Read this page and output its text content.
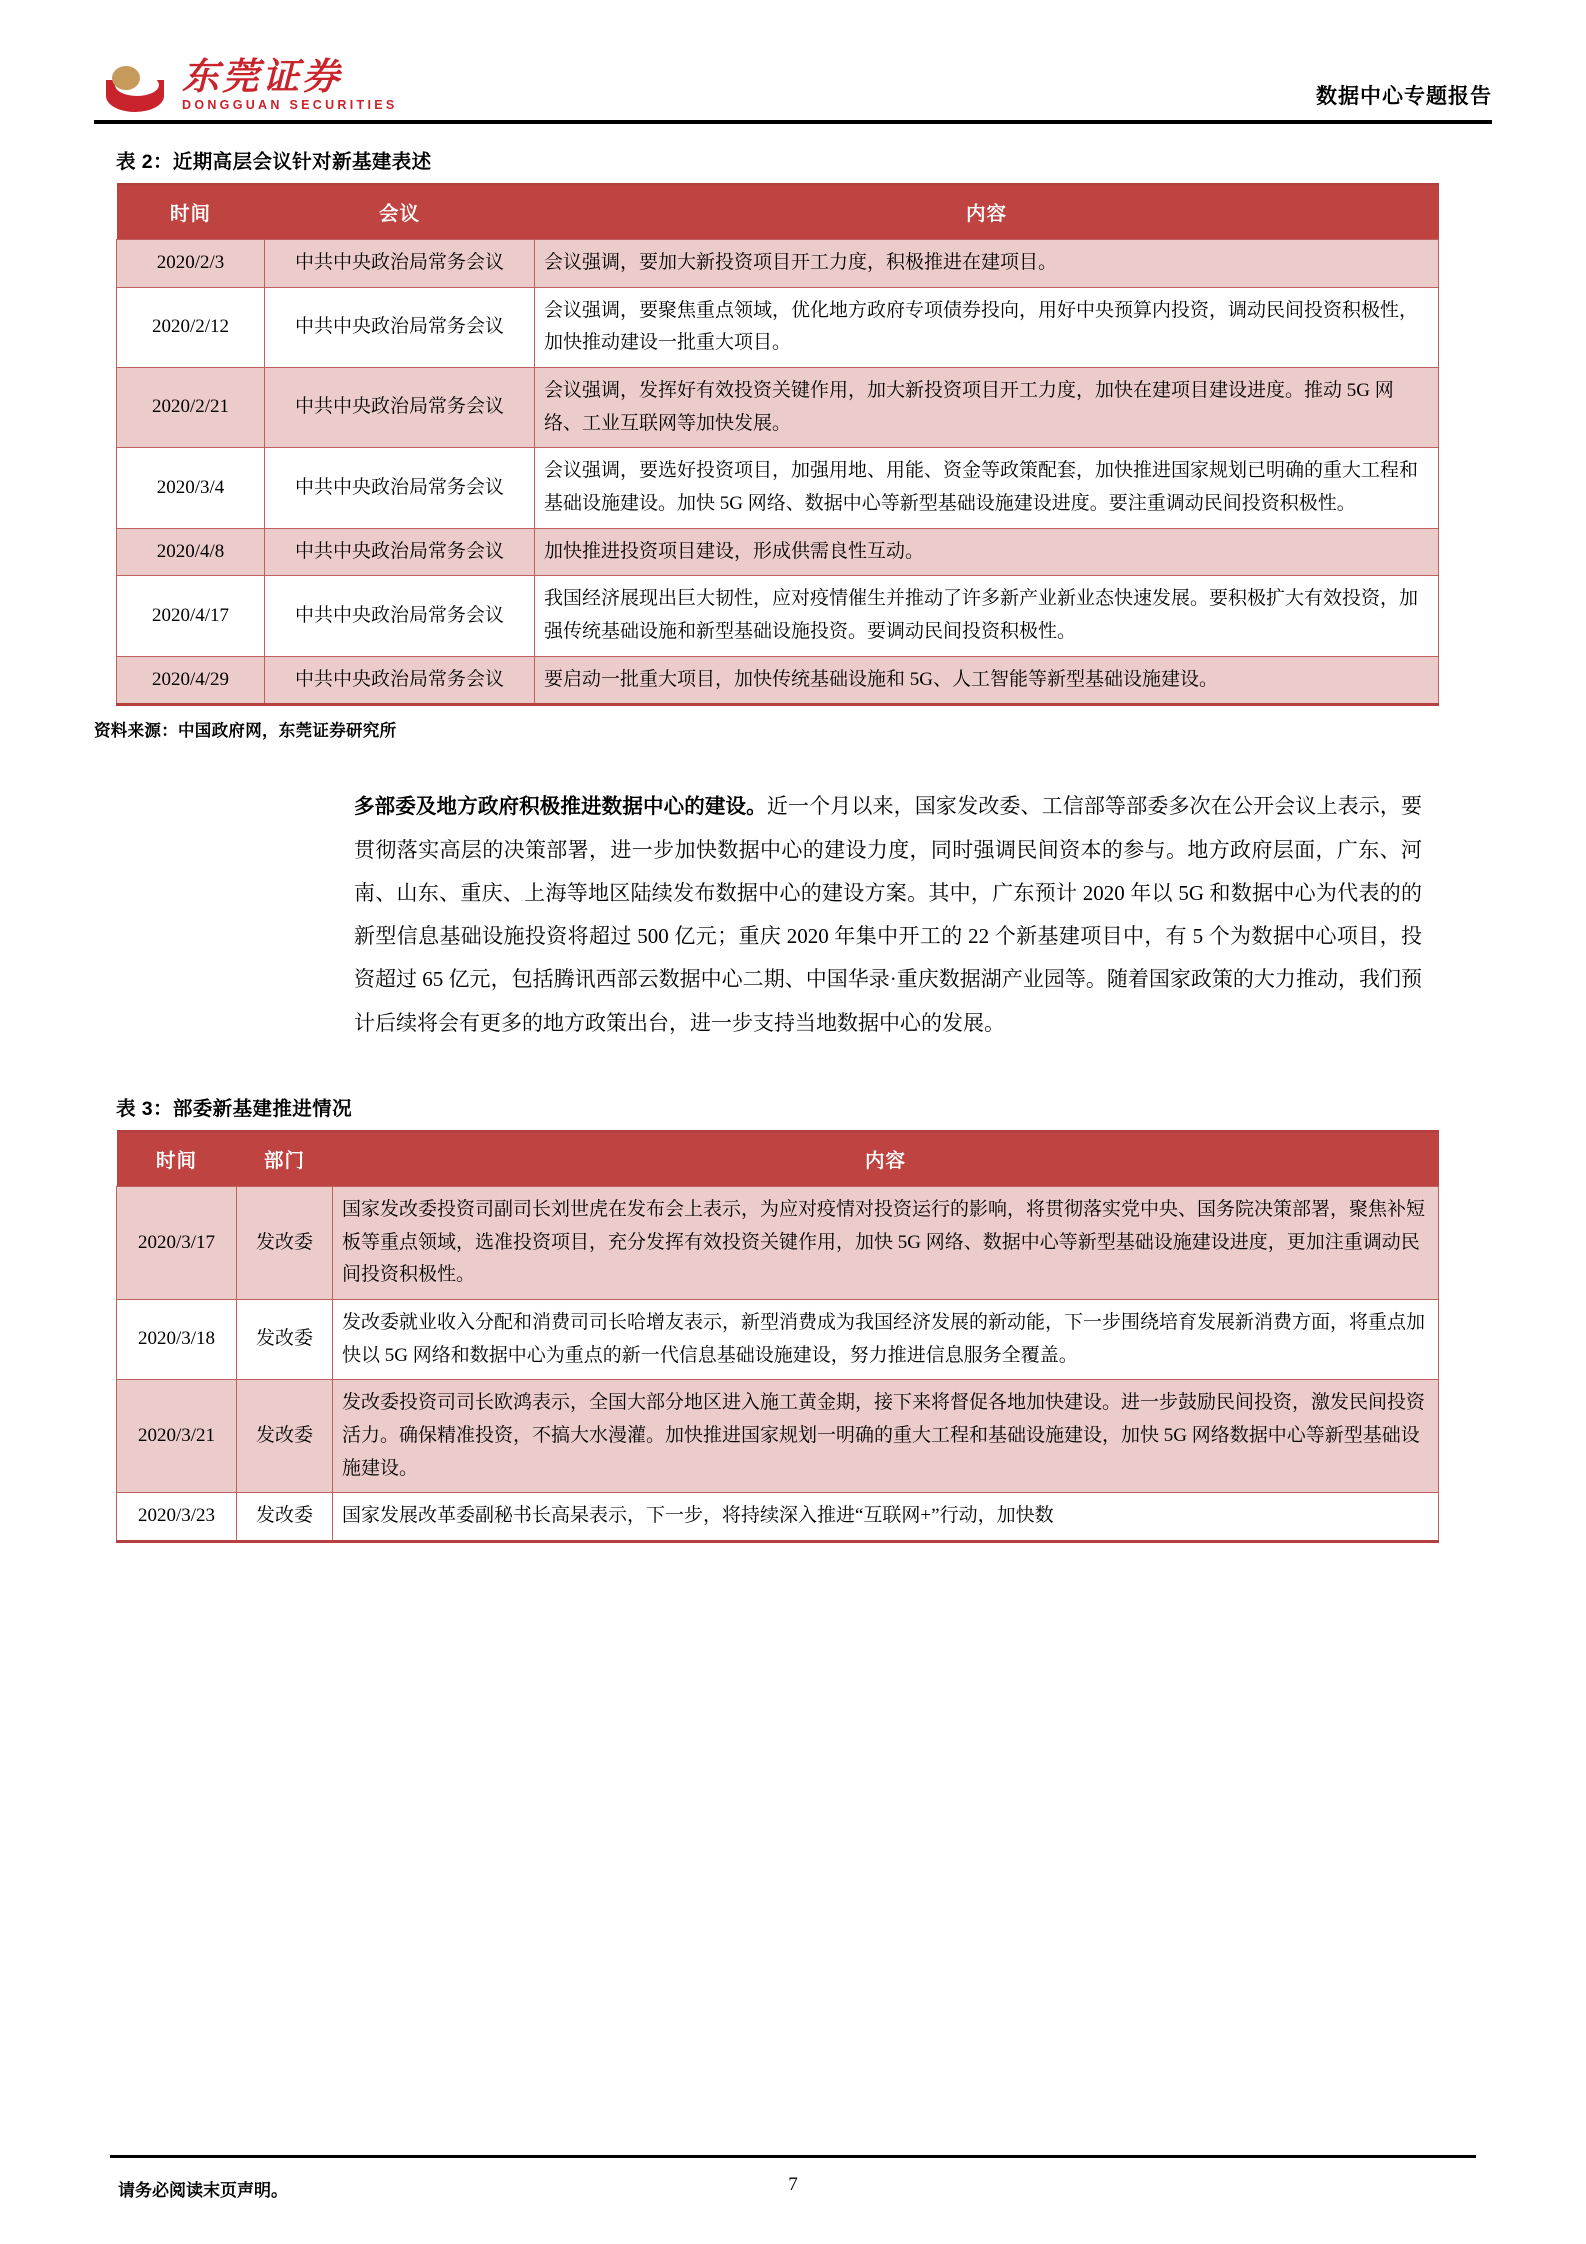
东莞证券
DONGGUAN SECURITIES	数据中心专题报告
表 2：近期高层会议针对新基建表述
时间	会议	内容
2020/2/3	中共中央政治局常务会议	会议强调，要加大新投资项目开工力度，积极推进在建项目。
2020/2/12	中共中央政治局常务会议	会议强调，要聚焦重点领域，优化地方政府专项债券投向，用好中央预算内投资，调动民间投资积极性，加快推动建设一批重大项目。
2020/2/21	中共中央政治局常务会议	会议强调，发挥好有效投资关键作用，加大新投资项目开工力度，加快在建项目建设进度。推动 5G 网络、工业互联网等加快发展。
2020/3/4	中共中央政治局常务会议	会议强调，要选好投资项目，加强用地、用能、资金等政策配套，加快推进国家规划已明确的重大工程和基础设施建设。加快 5G 网络、数据中心等新型基础设施建设进度。要注重调动民间投资积极性。
2020/4/8	中共中央政治局常务会议	加快推进投资项目建设，形成供需良性互动。
2020/4/17	中共中央政治局常务会议	我国经济展现出巨大韧性，应对疫情催生并推动了许多新产业新业态快速发展。要积极扩大有效投资，加强传统基础设施和新型基础设施投资。要调动民间投资积极性。
2020/4/29	中共中央政治局常务会议	要启动一批重大项目，加快传统基础设施和 5G、人工智能等新型基础设施建设。
资料来源：中国政府网，东莞证券研究所

多部委及地方政府积极推进数据中心的建设。近一个月以来，国家发改委、工信部等部委多次在公开会议上表示，要贯彻落实高层的决策部署，进一步加快数据中心的建设力度，同时强调民间资本的参与。地方政府层面，广东、河南、山东、重庆、上海等地区陆续发布数据中心的建设方案。其中，广东预计 2020 年以 5G 和数据中心为代表的的新型信息基础设施投资将超过 500 亿元；重庆 2020 年集中开工的 22 个新基建项目中，有 5 个为数据中心项目，投资超过 65 亿元，包括腾讯西部云数据中心二期、中国华录·重庆数据湖产业园等。随着国家政策的大力推动，我们预计后续将会有更多的地方政策出台，进一步支持当地数据中心的发展。

表 3：部委新基建推进情况
时间	部门	内容
2020/3/17	发改委	国家发改委投资司副司长刘世虎在发布会上表示，为应对疫情对投资运行的影响，将贯彻落实党中央、国务院决策部署，聚焦补短板等重点领域，选准投资项目，充分发挥有效投资关键作用，加快 5G 网络、数据中心等新型基础设施建设进度，更加注重调动民间投资积极性。
2020/3/18	发改委	发改委就业收入分配和消费司司长哈增友表示，新型消费成为我国经济发展的新动能，下一步围绕培育发展新消费方面，将重点加快以 5G 网络和数据中心为重点的新一代信息基础设施建设，努力推进信息服务全覆盖。
2020/3/21	发改委	发改委投资司司长欧鸿表示，全国大部分地区进入施工黄金期，接下来将督促各地加快建设。进一步鼓励民间投资，激发民间投资活力。确保精准投资，不搞大水漫灌。加快推进国家规划一明确的重大工程和基础设施建设，加快 5G 网络数据中心等新型基础设施建设。
2020/3/23	发改委	国家发展改革委副秘书长高杲表示，下一步，将持续深入推进“互联网+”行动，加快数
请务必阅读末页声明。	7
